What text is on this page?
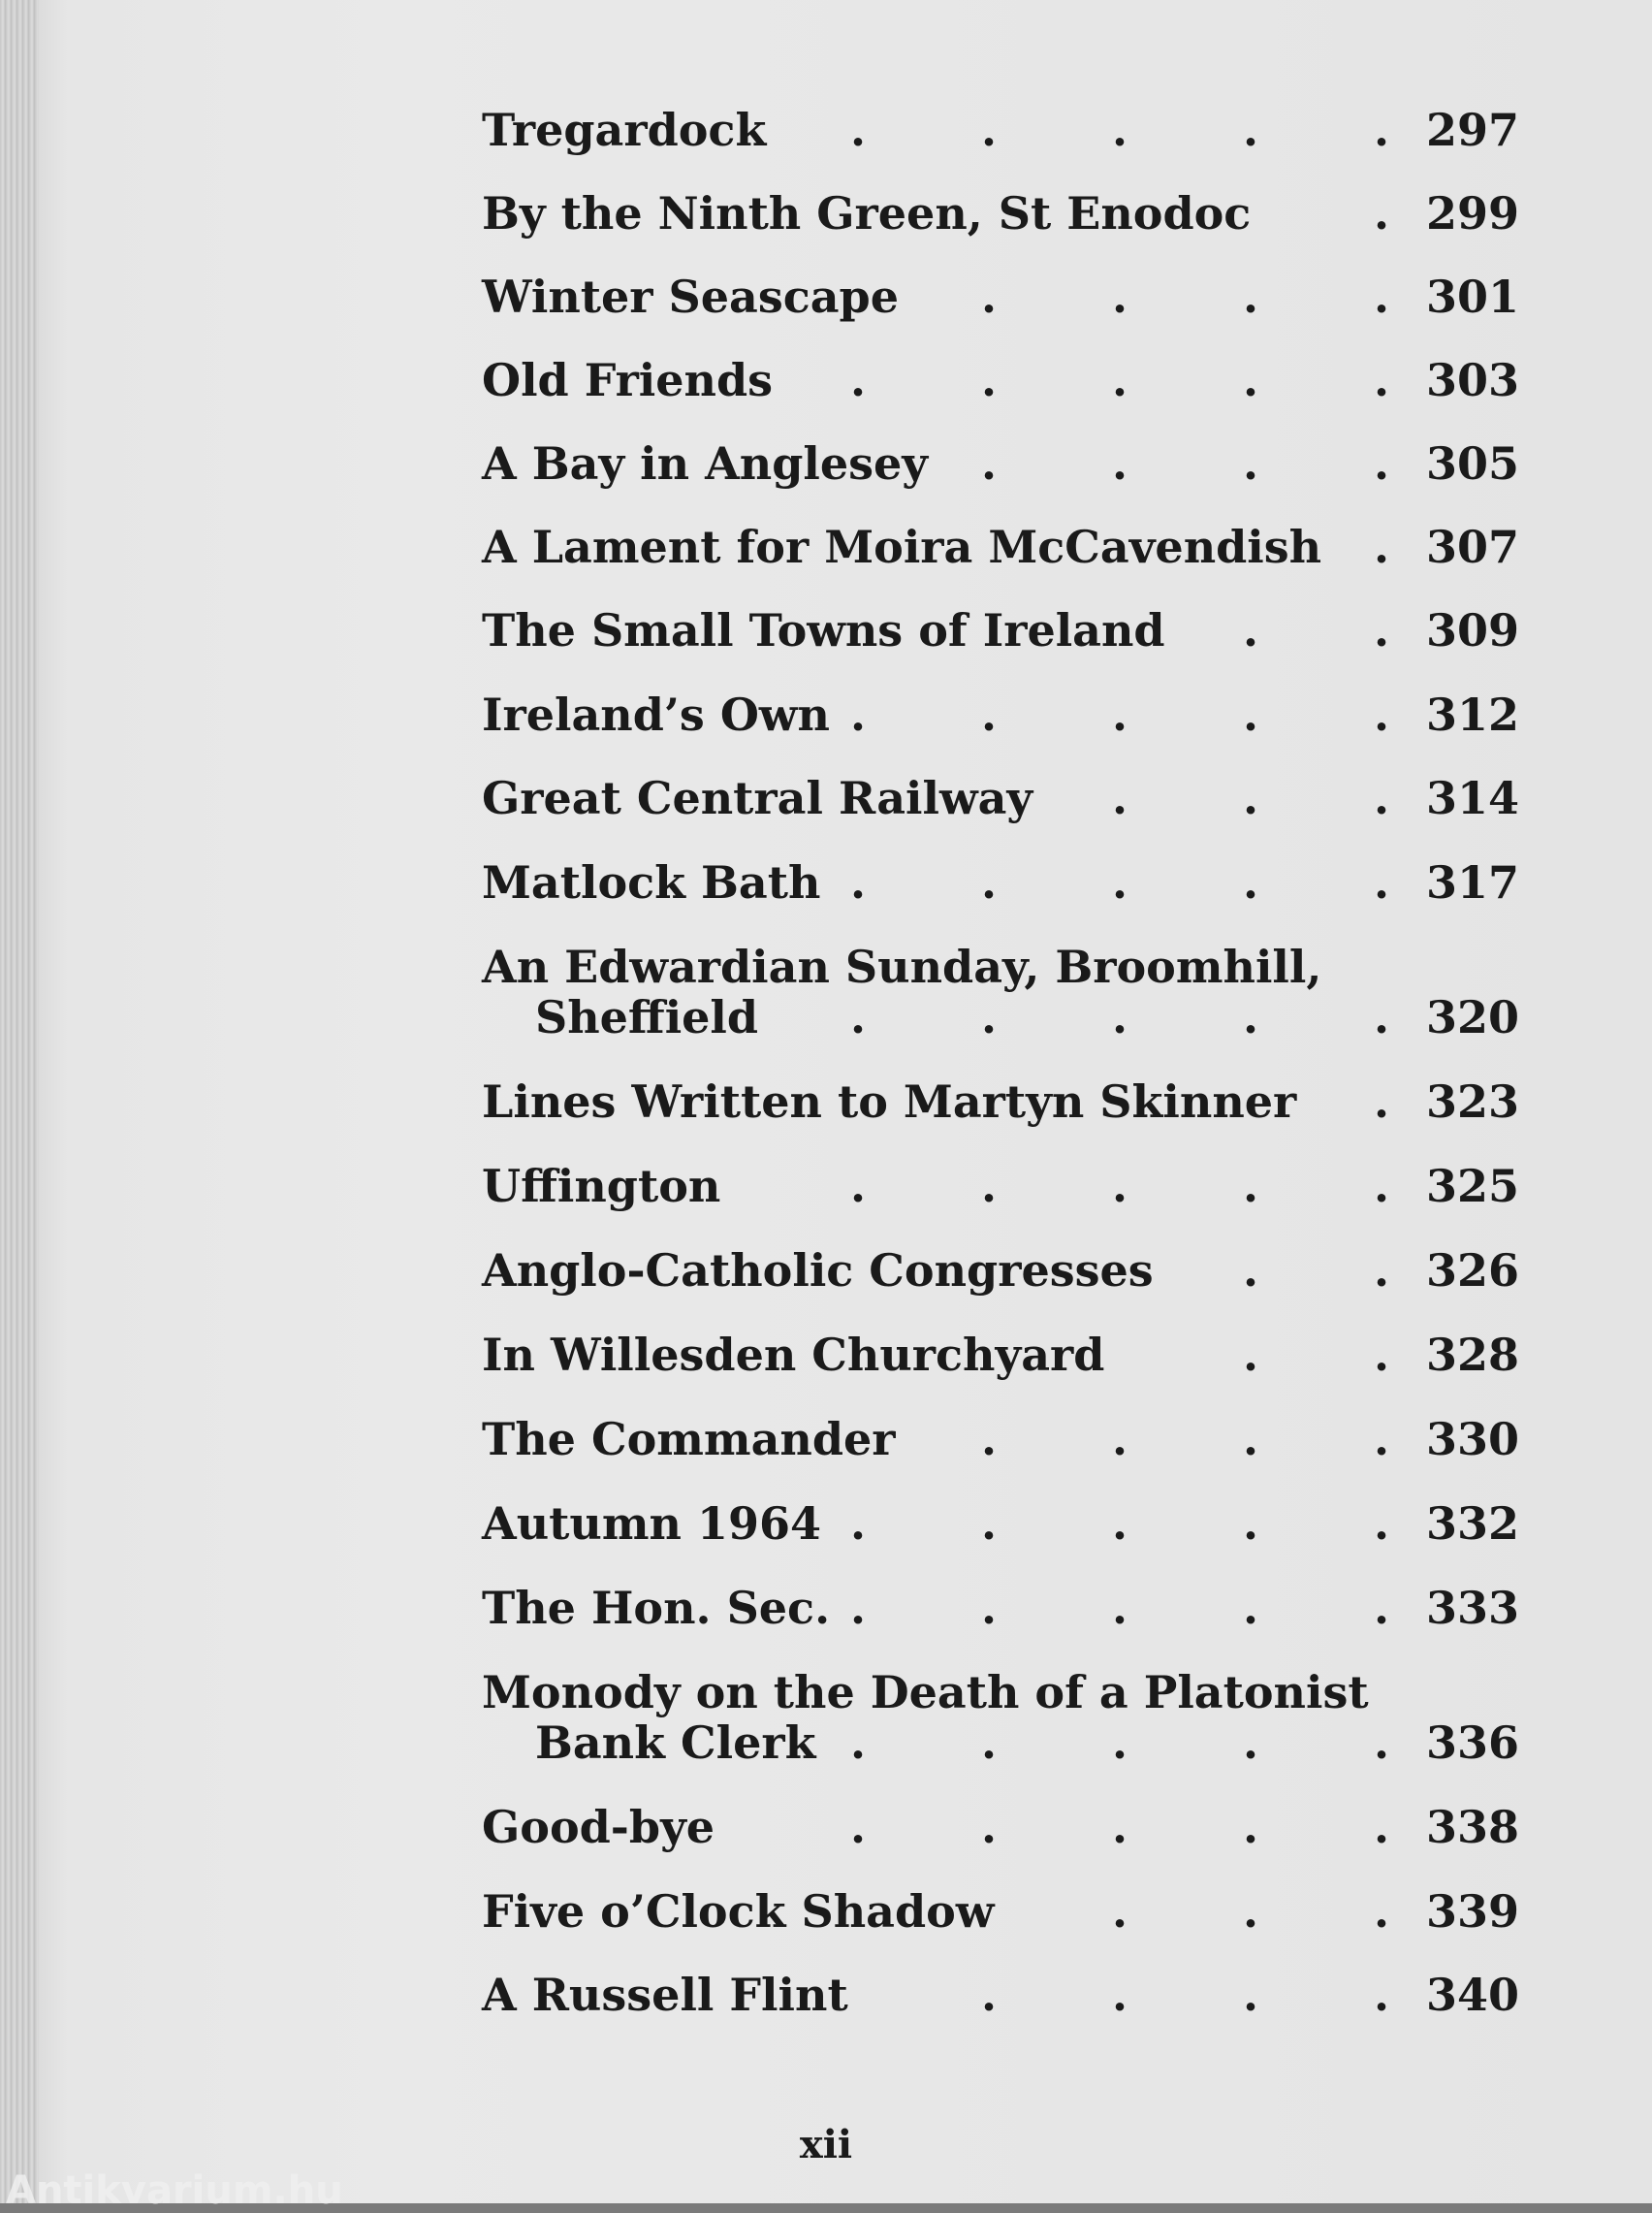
Tregardock	297
.	.	.	.	.
By the Ninth Green, St Enodoc	299
.
Winter Seascape	301
.	.	.	.
Old Friends	303
.	.	.	.	.
A Bay in Anglesey	305
.	.	.	.
A Lament for Moira McCavendish	307
.
The Small Towns of Ireland	309
.	.
Ireland’s Own	312
.	.	.	.	.
Great Central Railway	314
.	.	.
Matlock Bath	317
.	.	.	.	.
An Edwardian Sunday, Broomhill,
Sheffield	320
.	.	.	.	.
Lines Written to Martyn Skinner	323
.
Uffington	325
.	.	.	.	.
Anglo-Catholic Congresses	326
.	.
In Willesden Churchyard	328
.	.
The Commander	330
.	.	.	.
Autumn 1964	332
.	.	.	.	.
The Hon. Sec.	333
.	.	.	.	.
Monody on the Death of a Platonist
Bank Clerk	336
.	.	.	.	.
Good-bye	338
.	.	.	.	.
Five o’Clock Shadow	339
.	.	.
A Russell Flint	340
.	.	.	.
xii
Antikvarium.hu
